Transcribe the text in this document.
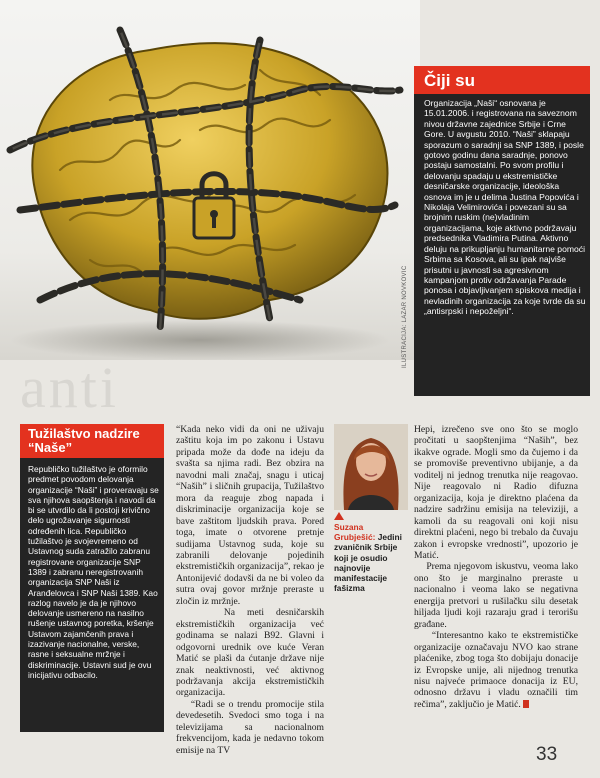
ILUSTRACIJA: LAZAR NOVKOVIĆ
anti
Čiji su

Organizacija „Naši“ osnovana je 15.01.2006. i registrovana na saveznom nivou državne zajednice Srbije i Crne Gore. U avgustu 2010. “Naši” sklapaju sporazum o saradnji sa SNP 1389, i posle gotovo godinu dana saradnje, ponovo postaju samostalni. Po svom profilu i delovanju spadaju u ekstremističke desničarske organizacije, ideološka osnova im je u delima Justina Popovića i Nikolaja Velimirovića i povezani su sa brojnim ruskim (ne)vladinim organizacijama, koje aktivno podržavaju predsednika Vladimira Putina. Aktivno deluju na prikupljanju humanitarne pomoći Srbima sa Kosova, ali su ipak najviše prisutni u javnosti sa agresivnom kampanjom protiv održavanja Parade ponosa i objavljivanjem spiskova medija i nevladinih organizacija za koje tvrde da su „antisrpski i nepoželjni“.

Tužilaštvo nadzire “Naše”

Republičko tužilaštvo je oformilo predmet povodom delovanja organizacije “Naši” i proveravaju se sva njihova saopštenja i navodi da bi se utvrdilo da li postoji krivično delo ugrožavanje sigurnosti određenih lica. Republičko tužilaštvo je svojevremeno od Ustavnog suda zatražilo zabranu registrovane organizacije SNP 1389 i zabranu neregistrovanih organizacija SNP Naši iz Aranđelovca i SNP Naši 1389. Kao razlog navelo je da je njihovo delovanje usmereno na nasilno rušenje ustavnog poretka, kršenje Ustavom zajamčenih prava i izazivanje nacionalne, verske, rasne i seksualne mržnje i diskriminacije. Ustavni sud je ovu inicijativu odbacilo.

“Kada neko vidi da oni ne uživaju zaštitu koja im po zakonu i Ustavu pripada može da dođe na ideju da svašta sa njima radi. Bez obzira na navodni mali značaj, snagu i uticaj “Naših” i sličnih grupacija, Tužilaštvo mora da reaguje zbog napada i diskriminacije organizacija koje se bave zaštitom ljudskih prava. Pored toga, imate o otvorene pretnje sudijama Ustavnog suda, koje su zabranili delovanje pojedinih ekstremističkih organizacija”, rekao je Antonijević dodavši da ne bi voleo da sutra ovaj govor mržnje preraste u zločin iz mržnje.
Na meti desničarskih ekstremističkih organizacija već godinama se nalazi B92. Glavni i odgovorni urednik ove kuće Veran Matić se plaši da ćutanje države nije znak neaktivnosti, već aktivnog podržavanja akcija ekstremističkih organizacija.
“Radi se o trendu promocije stila devedesetih. Svedoci smo toga i na televizijama sa nacionalnom frekvencijom, kada je nedavno tokom emisije na TV

Suzana Grubješić: Jedini zvaničnik Srbije koji je osudio najnovije manifestacije fašizma

Hepi, izrečeno sve ono što se moglo pročitati u saopštenjima “Naših”, bez ikakve ograde. Mogli smo da čujemo i da se promoviše preventivno ubijanje, a da voditelj ni jednog trenutka nije reagovao. Nije reagovalo ni Radio difuzna organizacija, koja je direktno plaćena da nadzire sadržinu emisija na televiziji, a kamoli da su reagovali oni koji nisu direktni plaćeni, nego bi trebalo da čuvaju zakon i evropske vrednosti”, upozorio je Matić.
Prema njegovom iskustvu, veoma lako ono što je marginalno preraste u nacionalno i veoma lako se negativna energija pretvori u rušilačku silu desetak hiljada ljudi koji razaraju grad i terorišu građane.
“Interesantno kako te ekstremističke organizacije označavaju NVO kao strane plaćenike, zbog toga što dobijaju donacije iz Evropske unije, ali nijednog trenutka nisu najveće primaoce donacija iz EU, odnosno državu i vladu označili tim rečima”, zaključio je Matić.

33
